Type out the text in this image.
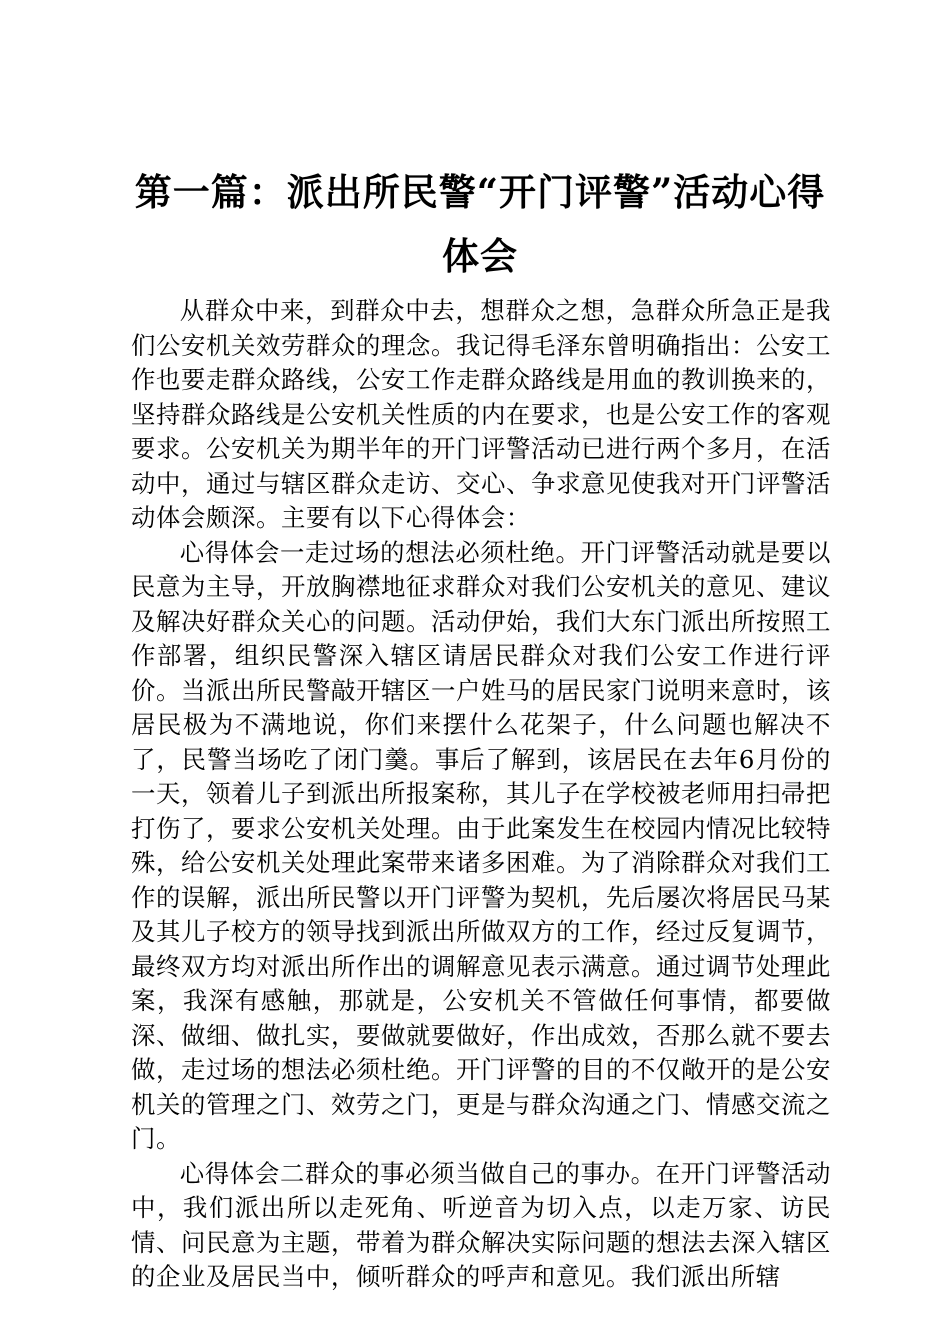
第一篇：派出所民警“开门评警”活动心得体会

从群众中来，到群众中去，想群众之想，急群众所急正是我们公安机关效劳群众的理念。我记得毛泽东曾明确指出：公安工作也要走群众路线，公安工作走群众路线是用血的教训换来的，坚持群众路线是公安机关性质的内在要求，也是公安工作的客观要求。公安机关为期半年的开门评警活动已进行两个多月，在活动中，通过与辖区群众走访、交心、争求意见使我对开门评警活动体会颇深。主要有以下心得体会：

心得体会一走过场的想法必须杜绝。开门评警活动就是要以民意为主导，开放胸襟地征求群众对我们公安机关的意见、建议及解决好群众关心的问题。活动伊始，我们大东门派出所按照工作部署，组织民警深入辖区请居民群众对我们公安工作进行评价。当派出所民警敲开辖区一户姓马的居民家门说明来意时，该居民极为不满地说，你们来摆什么花架子，什么问题也解决不了，民警当场吃了闭门羹。事后了解到，该居民在去年6月份的一天，领着儿子到派出所报案称，其儿子在学校被老师用扫帚把打伤了，要求公安机关处理。由于此案发生在校园内情况比较特殊，给公安机关处理此案带来诸多困难。为了消除群众对我们工作的误解，派出所民警以开门评警为契机，先后屡次将居民马某及其儿子校方的领导找到派出所做双方的工作，经过反复调节，最终双方均对派出所作出的调解意见表示满意。通过调节处理此案，我深有感触，那就是，公安机关不管做任何事情，都要做深、做细、做扎实，要做就要做好，作出成效，否那么就不要去做，走过场的想法必须杜绝。开门评警的目的不仅敞开的是公安机关的管理之门、效劳之门，更是与群众沟通之门、情感交流之门。

心得体会二群众的事必须当做自己的事办。在开门评警活动中，我们派出所以走死角、听逆音为切入点，以走万家、访民情、问民意为主题，带着为群众解决实际问题的想法去深入辖区的企业及居民当中，倾听群众的呼声和意见。我们派出所辖
